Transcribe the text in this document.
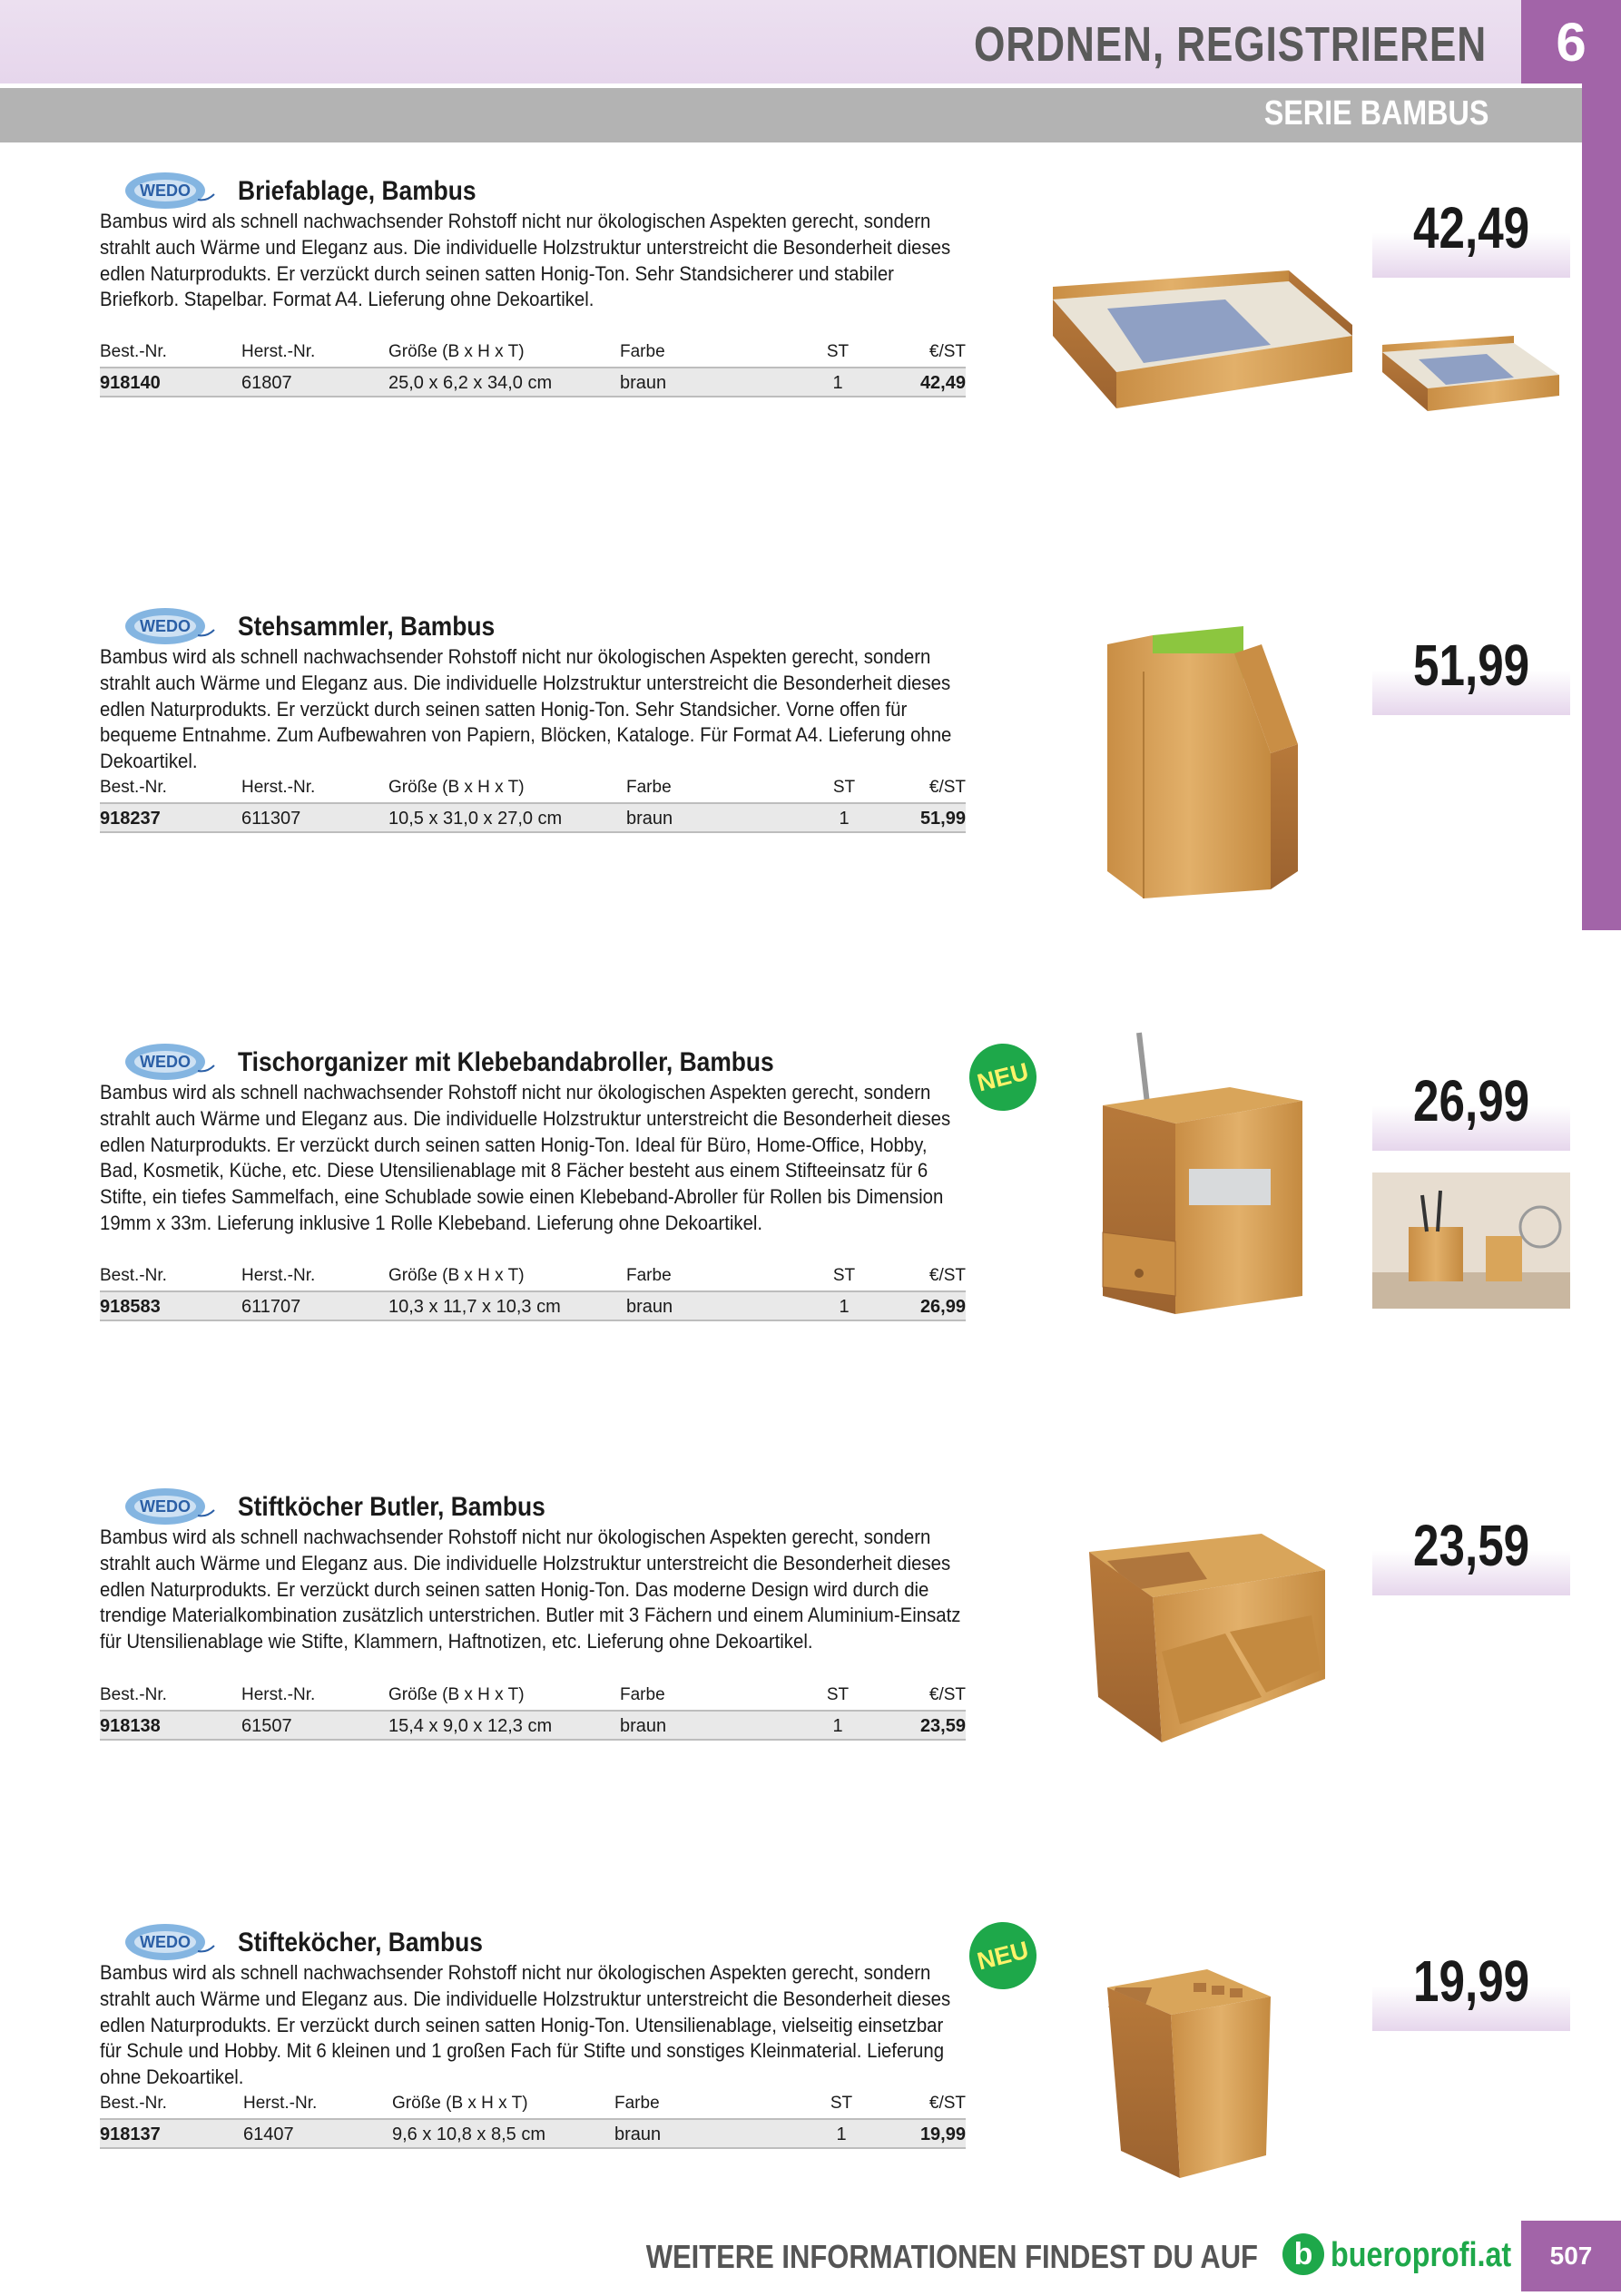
ORDNEN, REGISTRIEREN	6
SERIE BAMBUS
WEDO Briefablage, Bambus
Bambus wird als schnell nachwachsender Rohstoff nicht nur ökologischen Aspekten gerecht, sondern strahlt auch Wärme und Eleganz aus. Die individuelle Holzstruktur unterstreicht die Besonderheit dieses edlen Naturprodukts. Er verzückt durch seinen satten Honig-Ton. Sehr Standsicherer und stabiler Briefkorb. Stapelbar. Format A4. Lieferung ohne Dekoartikel.
Best.-Nr.	Herst.-Nr.	Größe (B x H x T)	Farbe	ST	€/ST
918140	61807	25,0 x 6,2 x 34,0 cm	braun	1	42,49
42,49
WEDO Stehsammler, Bambus
Bambus wird als schnell nachwachsender Rohstoff nicht nur ökologischen Aspekten gerecht, sondern strahlt auch Wärme und Eleganz aus. Die individuelle Holzstruktur unterstreicht die Besonderheit dieses edlen Naturprodukts. Er verzückt durch seinen satten Honig-Ton. Sehr Standsicher. Vorne offen für bequeme Entnahme. Zum Aufbewahren von Papiern, Blöcken, Kataloge. Für Format A4. Lieferung ohne Dekoartikel.
Best.-Nr.	Herst.-Nr.	Größe (B x H x T)	Farbe	ST	€/ST
918237	611307	10,5 x 31,0 x 27,0 cm	braun	1	51,99
51,99
WEDO Tischorganizer mit Klebebandabroller, Bambus	NEU
Bambus wird als schnell nachwachsender Rohstoff nicht nur ökologischen Aspekten gerecht, sondern strahlt auch Wärme und Eleganz aus. Die individuelle Holzstruktur unterstreicht die Besonderheit dieses edlen Naturprodukts. Er verzückt durch seinen satten Honig-Ton. Ideal für Büro, Home-Office, Hobby, Bad, Kosmetik, Küche, etc. Diese Utensilienablage mit 8 Fächer besteht aus einem Stifteeinsatz für 6 Stifte, ein tiefes Sammelfach, eine Schublade sowie einen Klebeband-Abroller für Rollen bis Dimension 19mm x 33m. Lieferung inklusive 1 Rolle Klebeband. Lieferung ohne Dekoartikel.
Best.-Nr.	Herst.-Nr.	Größe (B x H x T)	Farbe	ST	€/ST
918583	611707	10,3 x 11,7 x 10,3 cm	braun	1	26,99
26,99
WEDO Stiftköcher Butler, Bambus
Bambus wird als schnell nachwachsender Rohstoff nicht nur ökologischen Aspekten gerecht, sondern strahlt auch Wärme und Eleganz aus. Die individuelle Holzstruktur unterstreicht die Besonderheit dieses edlen Naturprodukts. Er verzückt durch seinen satten Honig-Ton. Das moderne Design wird durch die trendige Materialkombination zusätzlich unterstrichen. Butler mit 3 Fächern und einem Aluminium-Einsatz für Utensilienablage wie Stifte, Klammern, Haftnotizen, etc. Lieferung ohne Dekoartikel.
Best.-Nr.	Herst.-Nr.	Größe (B x H x T)	Farbe	ST	€/ST
918138	61507	15,4 x 9,0 x 12,3 cm	braun	1	23,59
23,59
WEDO Stifteköcher, Bambus	NEU
Bambus wird als schnell nachwachsender Rohstoff nicht nur ökologischen Aspekten gerecht, sondern strahlt auch Wärme und Eleganz aus. Die individuelle Holzstruktur unterstreicht die Besonderheit dieses edlen Naturprodukts. Er verzückt durch seinen satten Honig-Ton. Utensilienablage, vielseitig einsetzbar für Schule und Hobby. Mit 6 kleinen und 1 großen Fach für Stifte und sonstiges Kleinmaterial. Lieferung ohne Dekoartikel.
Best.-Nr.	Herst.-Nr.	Größe (B x H x T)	Farbe	ST	€/ST
918137	61407	9,6 x 10,8 x 8,5 cm	braun	1	19,99
19,99
WEITERE INFORMATIONEN FINDEST DU AUF	b bueroprofi.at	507
